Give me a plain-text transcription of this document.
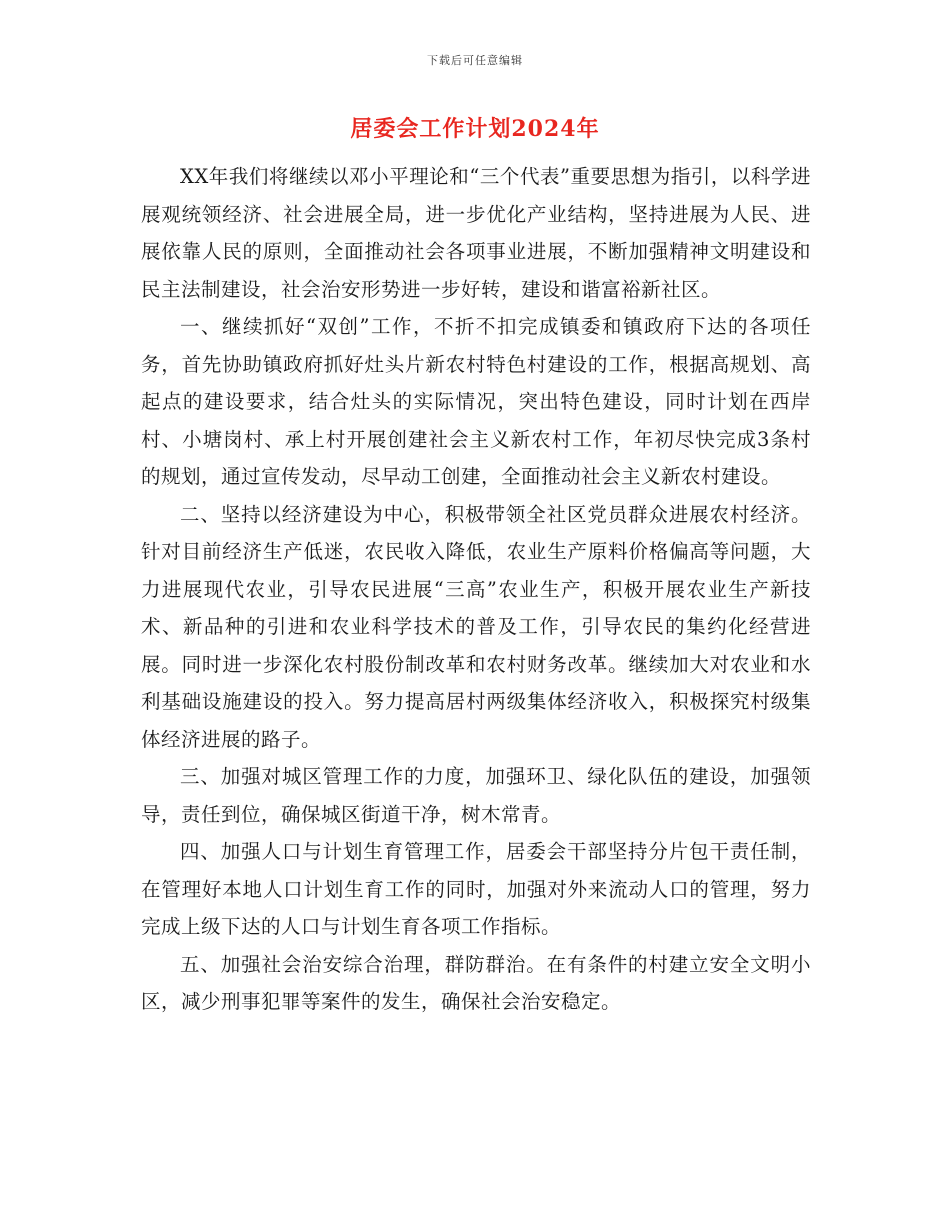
下载后可任意编辑
居委会工作计划2024年

XX年我们将继续以邓小平理论和“三个代表”重要思想为指引，以科学进展观统领经济、社会进展全局，进一步优化产业结构，坚持进展为人民、进展依靠人民的原则，全面推动社会各项事业进展，不断加强精神文明建设和民主法制建设，社会治安形势进一步好转，建设和谐富裕新社区。

一、继续抓好“双创”工作，不折不扣完成镇委和镇政府下达的各项任务，首先协助镇政府抓好灶头片新农村特色村建设的工作，根据高规划、高起点的建设要求，结合灶头的实际情况，突出特色建设，同时计划在西岸村、小塘岗村、承上村开展创建社会主义新农村工作，年初尽快完成3条村的规划，通过宣传发动，尽早动工创建，全面推动社会主义新农村建设。

二、坚持以经济建设为中心，积极带领全社区党员群众进展农村经济。针对目前经济生产低迷，农民收入降低，农业生产原料价格偏高等问题，大力进展现代农业，引导农民进展“三高”农业生产，积极开展农业生产新技术、新品种的引进和农业科学技术的普及工作，引导农民的集约化经营进展。同时进一步深化农村股份制改革和农村财务改革。继续加大对农业和水利基础设施建设的投入。努力提高居村两级集体经济收入，积极探究村级集体经济进展的路子。

三、加强对城区管理工作的力度，加强环卫、绿化队伍的建设，加强领导，责任到位，确保城区街道干净，树木常青。

四、加强人口与计划生育管理工作，居委会干部坚持分片包干责任制，在管理好本地人口计划生育工作的同时，加强对外来流动人口的管理，努力完成上级下达的人口与计划生育各项工作指标。

五、加强社会治安综合治理，群防群治。在有条件的村建立安全文明小区，减少刑事犯罪等案件的发生，确保社会治安稳定。
